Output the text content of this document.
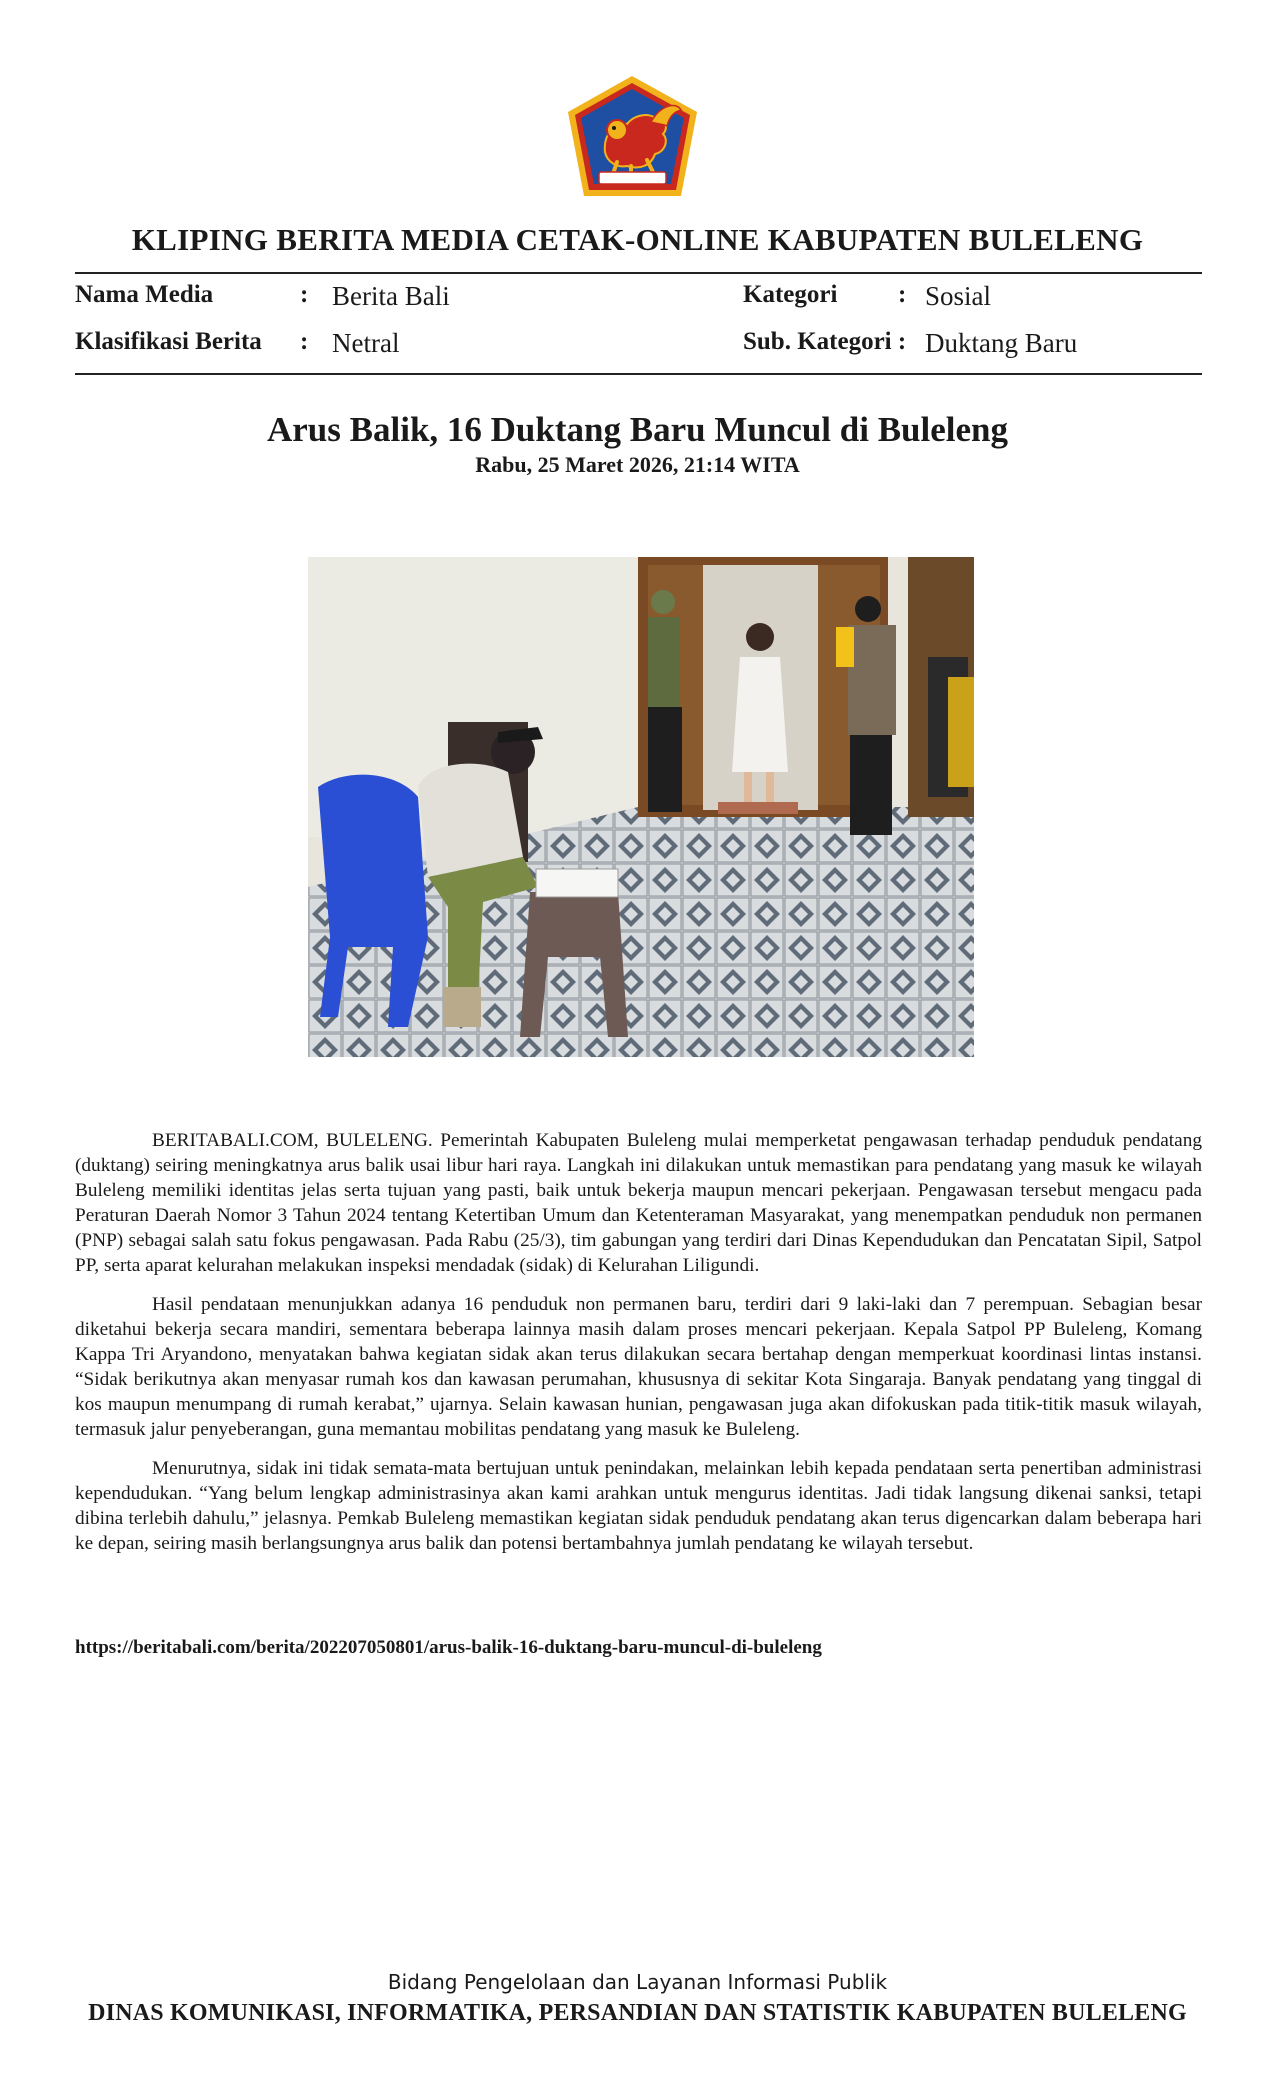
KLIPING BERITA MEDIA CETAK-ONLINE KABUPATEN BULELENG
Nama Media	: Berita Bali	Kategori : Sosial
Klasifikasi Berita : Netral	Sub. Kategori : Duktang Baru
Arus Balik, 16 Duktang Baru Muncul di Buleleng
Rabu, 25 Maret 2026, 21:14 WITA

BERITABALI.COM, BULELENG. Pemerintah Kabupaten Buleleng mulai memperketat pengawasan terhadap penduduk pendatang (duktang) seiring meningkatnya arus balik usai libur hari raya. Langkah ini dilakukan untuk memastikan para pendatang yang masuk ke wilayah Buleleng memiliki identitas jelas serta tujuan yang pasti, baik untuk bekerja maupun mencari pekerjaan. Pengawasan tersebut mengacu pada Peraturan Daerah Nomor 3 Tahun 2024 tentang Ketertiban Umum dan Ketenteraman Masyarakat, yang menempatkan penduduk non permanen (PNP) sebagai salah satu fokus pengawasan. Pada Rabu (25/3), tim gabungan yang terdiri dari Dinas Kependudukan dan Pencatatan Sipil, Satpol PP, serta aparat kelurahan melakukan inspeksi mendadak (sidak) di Kelurahan Liligundi.

Hasil pendataan menunjukkan adanya 16 penduduk non permanen baru, terdiri dari 9 laki-laki dan 7 perempuan. Sebagian besar diketahui bekerja secara mandiri, sementara beberapa lainnya masih dalam proses mencari pekerjaan. Kepala Satpol PP Buleleng, Komang Kappa Tri Aryandono, menyatakan bahwa kegiatan sidak akan terus dilakukan secara bertahap dengan memperkuat koordinasi lintas instansi. “Sidak berikutnya akan menyasar rumah kos dan kawasan perumahan, khususnya di sekitar Kota Singaraja. Banyak pendatang yang tinggal di kos maupun menumpang di rumah kerabat,” ujarnya. Selain kawasan hunian, pengawasan juga akan difokuskan pada titik-titik masuk wilayah, termasuk jalur penyeberangan, guna memantau mobilitas pendatang yang masuk ke Buleleng.

Menurutnya, sidak ini tidak semata-mata bertujuan untuk penindakan, melainkan lebih kepada pendataan serta penertiban administrasi kependudukan. “Yang belum lengkap administrasinya akan kami arahkan untuk mengurus identitas. Jadi tidak langsung dikenai sanksi, tetapi dibina terlebih dahulu,” jelasnya. Pemkab Buleleng memastikan kegiatan sidak penduduk pendatang akan terus digencarkan dalam beberapa hari ke depan, seiring masih berlangsungnya arus balik dan potensi bertambahnya jumlah pendatang ke wilayah tersebut.

https://beritabali.com/berita/202207050801/arus-balik-16-duktang-baru-muncul-di-buleleng
Bidang Pengelolaan dan Layanan Informasi Publik
DINAS KOMUNIKASI, INFORMATIKA, PERSANDIAN DAN STATISTIK KABUPATEN BULELENG
